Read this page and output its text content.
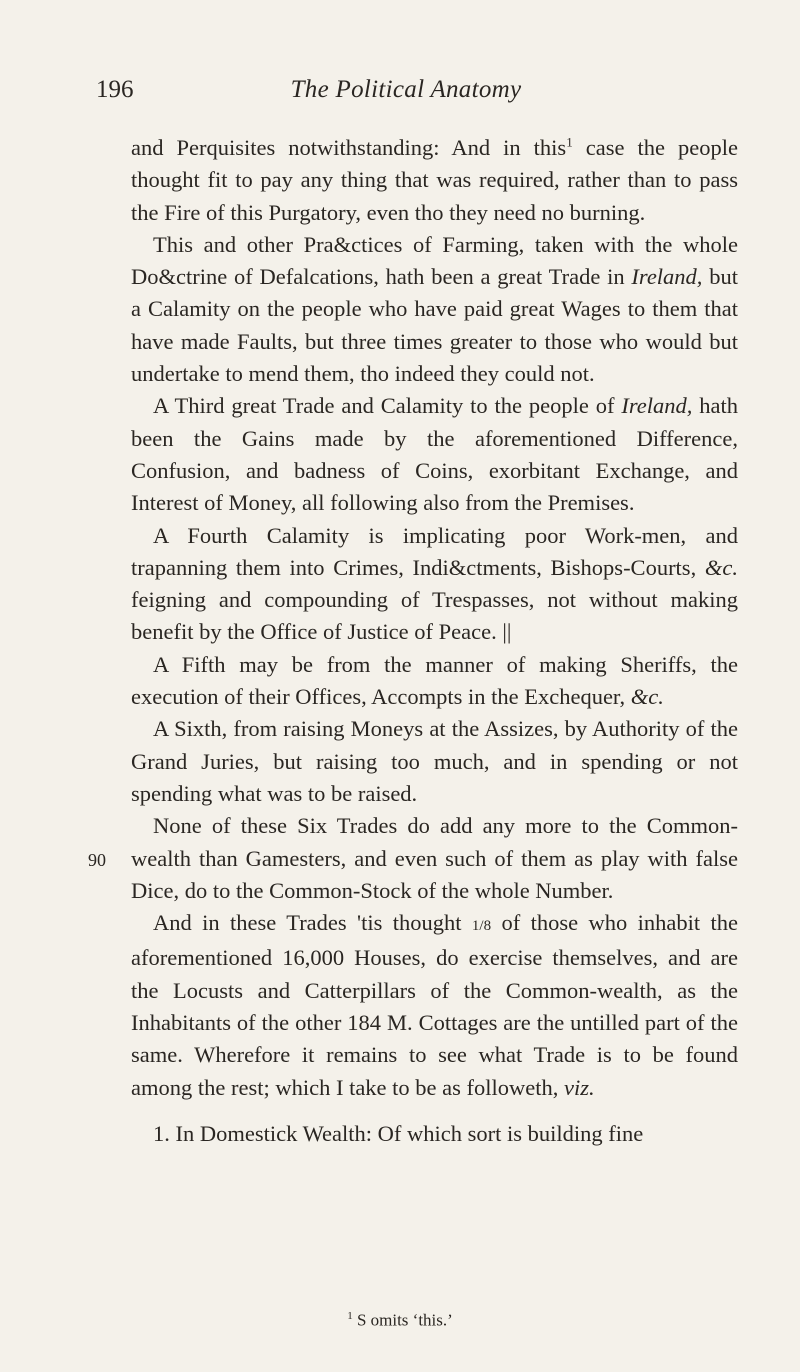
196	The Political Anatomy
90

and Perquisites notwithstanding: And in this$^1$ case the people thought fit to pay any thing that was required, rather than to pass the Fire of this Purgatory, even tho they need no burning.

This and other Pra&ctices of Farming, taken with the whole Do&ctrine of Defalcations, hath been a great Trade in Ireland, but a Calamity on the people who have paid great Wages to them that have made Faults, but three times greater to those who would but undertake to mend them, tho indeed they could not.

A Third great Trade and Calamity to the people of Ireland, hath been the Gains made by the aforementioned Difference, Confusion, and badness of Coins, exorbitant Exchange, and Interest of Money, all following also from the Premises.

A Fourth Calamity is implicating poor Work-men, and trapanning them into Crimes, Indi&ctments, Bishops-Courts, &c. feigning and compounding of Trespasses, not without making benefit by the Office of Justice of Peace. ||

A Fifth may be from the manner of making Sheriffs, the execution of their Offices, Accompts in the Exchequer, &c.

A Sixth, from raising Moneys at the Assizes, by Authority of the Grand Juries, but raising too much, and in spending or not spending what was to be raised.

None of these Six Trades do add any more to the Common-wealth than Gamesters, and even such of them as play with false Dice, do to the Common-Stock of the whole Number.

And in these Trades 'tis thought 1/8 of those who inhabit the aforementioned 16,000 Houses, do exercise themselves, and are the Locusts and Catterpillars of the Common-wealth, as the Inhabitants of the other 184 M. Cottages are the untilled part of the same. Wherefore it remains to see what Trade is to be found among the rest; which I take to be as followeth, viz.

1. In Domestick Wealth: Of which sort is building fine

$^1$ S omits ‘this.’
